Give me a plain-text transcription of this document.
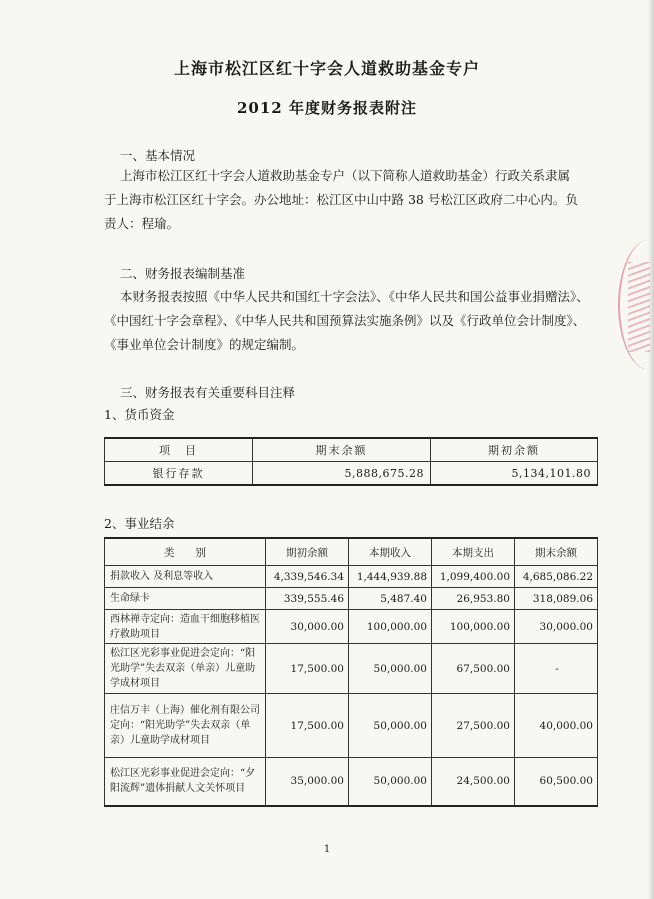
上海市松江区红十字会人道救助基金专户
2012 年度财务报表附注
一、基本情况
上海市松江区红十字会人道救助基金专户（以下简称人道救助基金）行政关系隶属
于上海市松江区红十字会。办公地址：松江区中山中路 38 号松江区政府二中心内。负
责人：程瑜。
二、财务报表编制基准
本财务报表按照《中华人民共和国红十字会法》、《中华人民共和国公益事业捐赠法》、
《中国红十字会章程》、《中华人民共和国预算法实施条例》以及《行政单位会计制度》、
《事业单位会计制度》的规定编制。
三、财务报表有关重要科目注释
1、货币资金
项　目	期末余额	期初余额
银行存款	5,888,675.28	5,134,101.80
2、事业结余
类　　别	期初余额	本期收入	本期支出	期末余额
捐款收入 及利息等收入	4,339,546.34	1,444,939.88	1,099,400.00	4,685,086.22
生命绿卡	339,555.46	5,487.40	26,953.80	318,089.06
西林禅寺定向：造血干细胞移植医疗救助项目	30,000.00	100,000.00	100,000.00	30,000.00
松江区光彩事业促进会定向：“阳光助学”失去双亲（单亲）儿童助学成材项目	17,500.00	50,000.00	67,500.00	-
庄信万丰（上海）催化剂有限公司定向：“阳光助学”失去双亲（单亲）儿童助学成材项目	17,500.00	50,000.00	27,500.00	40,000.00
松江区光彩事业促进会定向：“夕阳流辉”遗体捐献人文关怀项目	35,000.00	50,000.00	24,500.00	60,500.00
1
